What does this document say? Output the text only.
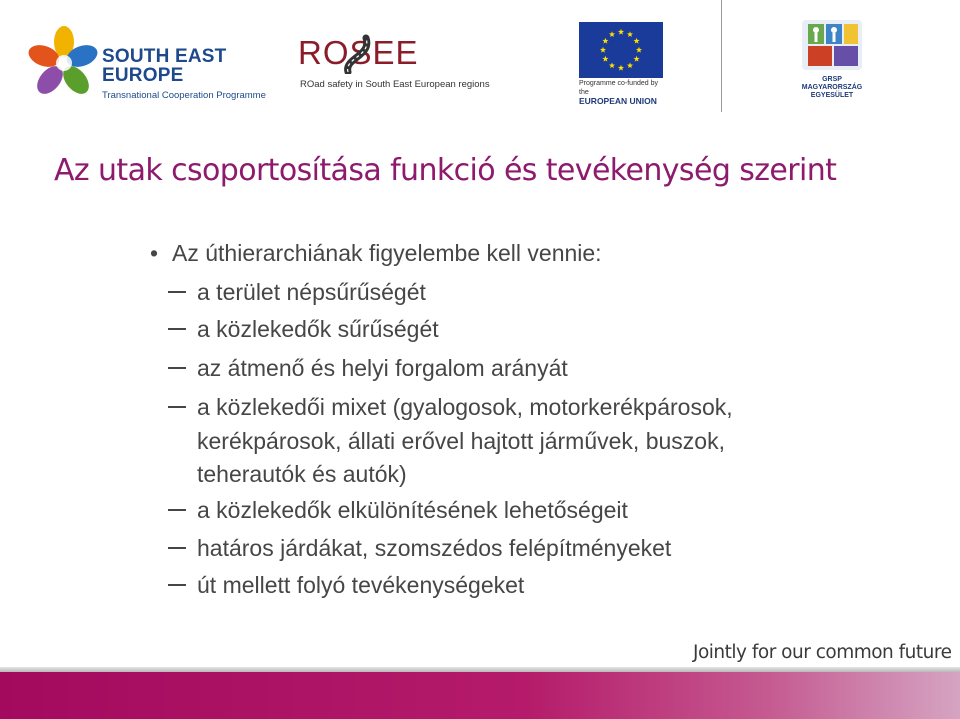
SOUTH EAST
EUROPE
Transnational Cooperation Programme
ROSEE
ROad safety in South East European regions	Programme co-funded by the
EUROPEAN UNION
GRSP
MAGYARORSZÁG
EGYESÜLET
Az utak csoportosítása funkció és tevékenység szerint
• Az úthierarchiának figyelembe kell vennie:
a terület népsűrűségét
a közlekedők sűrűségét
az átmenő és helyi forgalom arányát
a közlekedői mixet (gyalogosok, motorkerékpárosok,
kerékpárosok, állati erővel hajtott járművek, buszok,
teherautók és autók)
a közlekedők elkülönítésének lehetőségeit
határos járdákat, szomszédos felépítményeket
út mellett folyó tevékenységeket
Jointly for our common future
